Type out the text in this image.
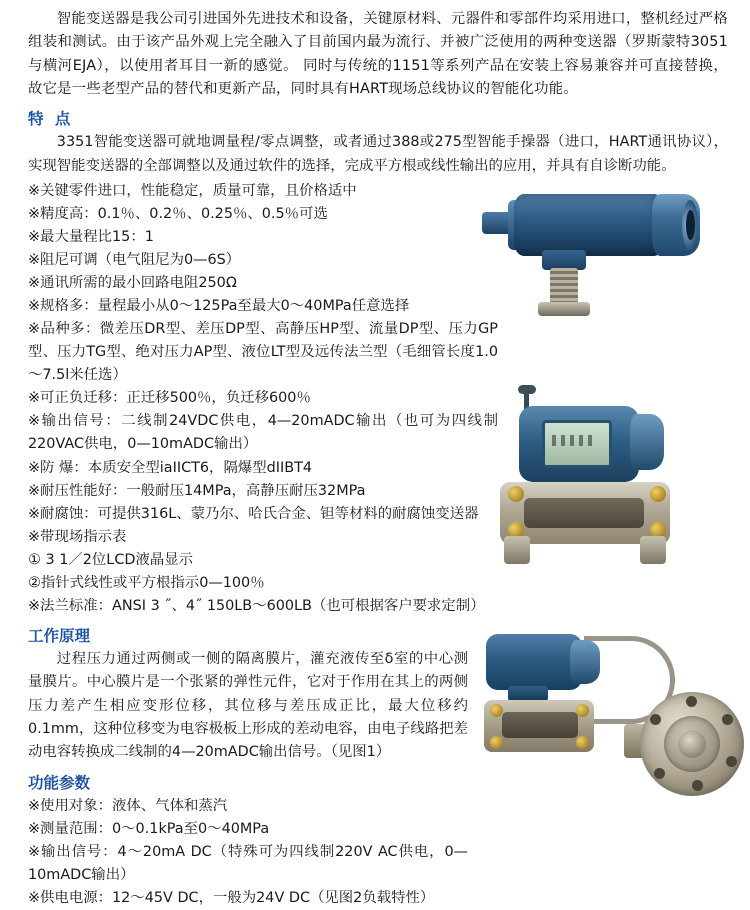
智能变送器是我公司引进国外先进技术和设备，关键原材料、元器件和零部件均采用进口，整机经过严格组装和测试。由于该产品外观上完全融入了目前国内最为流行、并被广泛使用的两种变送器（罗斯蒙特3051与横河EJA），以使用者耳目一新的感觉。 同时与传统的1151等系列产品在安装上容易兼容并可直接替换，故它是一些老型产品的替代和更新产品，同时具有HART现场总线协议的智能化功能。

特 点

3351智能变送器可就地调量程/零点调整，或者通过388或275型智能手操器（进口，HART通讯协议），实现智能变送器的全部调整以及通过软件的选择，完成平方根或线性输出的应用，并具有自诊断功能。

※关键零件进口，性能稳定，质量可靠，且价格适中
※精度高：0.1％、0.2％、0.25％、0.5％可选
※最大量程比15：1
※阻尼可调（电气阻尼为0—6S）
※通讯所需的最小回路电阻250Ω
※规格多：量程最小从0～125Pa至最大0～40MPa任意选择
※品种多：微差压DR型、差压DP型、高静压HP型、流量DP型、压力GP型、压力TG型、绝对压力AP型、液位LT型及远传法兰型（毛细管长度1.0～7.5l米任选）
※可正负迁移：正迁移500％，负迁移600％
※输出信号：二线制24VDC供电，4—20mADC输出（也可为四线制220VAC供电，0—10mADC输出）
※防 爆：本质安全型iaIICT6，隔爆型dIIBT4
※耐压性能好：一般耐压14MPa，高静压耐压32MPa
※耐腐蚀：可提供316L、蒙乃尔、哈氏合金、钽等材料的耐腐蚀变送器
※带现场指示表
① 3 1／2位LCD液晶显示
②指针式线性或平方根指示0—100％
※法兰标准：ANSI 3 ˝、4˝ 150LB～600LB（也可根据客户要求定制）
工作原理

过程压力通过两侧或一侧的隔离膜片，灌充液传至δ室的中心测量膜片。中心膜片是一个张紧的弹性元件，它对于作用在其上的两侧压力差产生相应变形位移，其位移与差压成正比，最大位移约0.1mm，这种位移变为电容极板上形成的差动电容，由电子线路把差动电容转换成二线制的4—20mADC输出信号。（见图1）

功能参数
※使用对象：液体、气体和蒸汽
※测量范围：0～0.1kPa至0～40MPa
※输出信号：4～20mA DC（特殊可为四线制220V AC供电，0—10mADC输出）
※供电电源：12～45V DC，一般为24V DC（见图2负载特性）
